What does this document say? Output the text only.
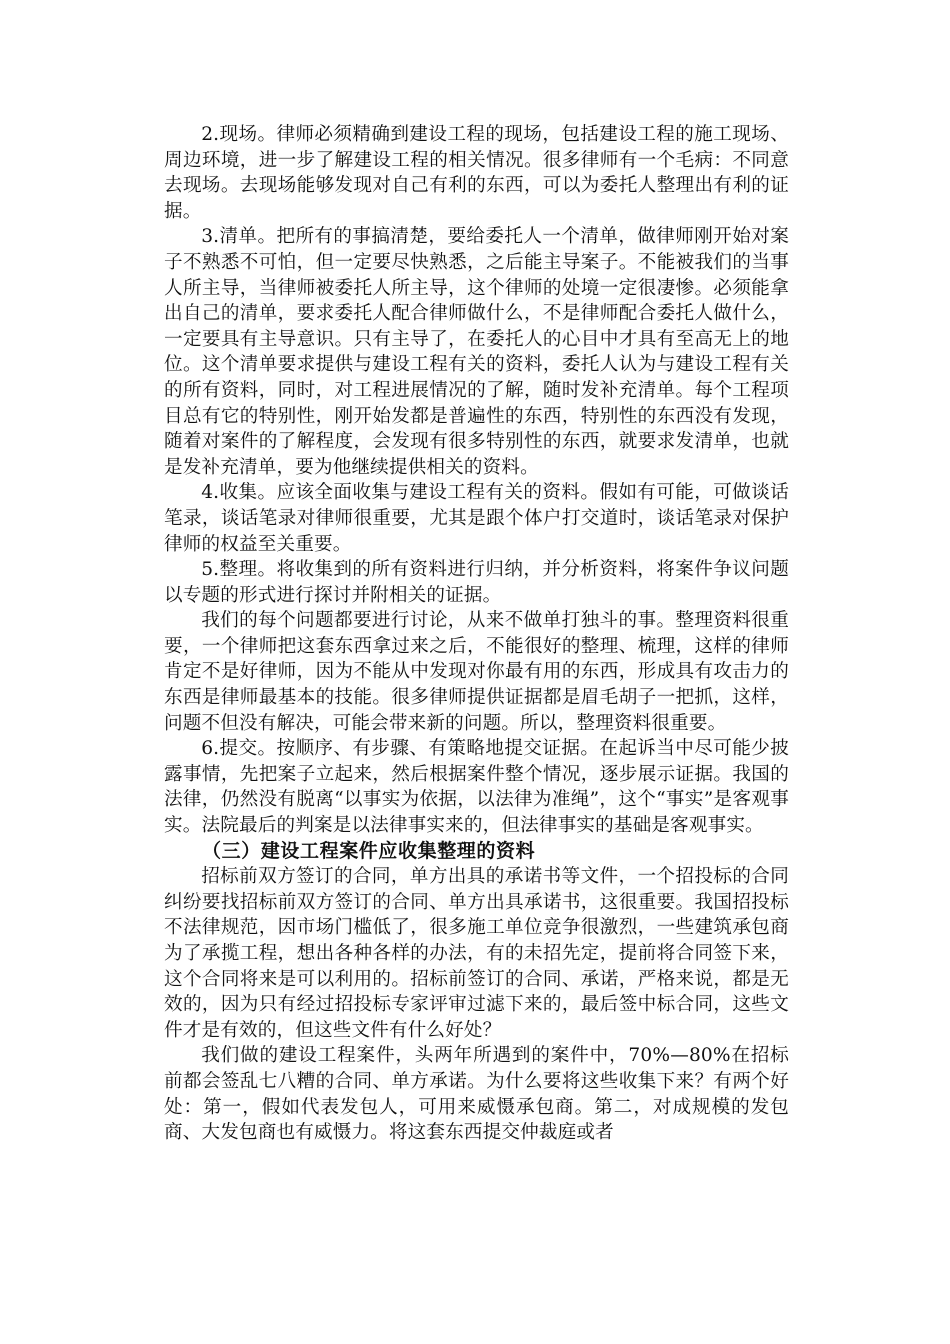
2.现场。律师必须精确到建设工程的现场，包括建设工程的施工现场、周边环境，进一步了解建设工程的相关情况。很多律师有一个毛病：不同意去现场。去现场能够发现对自己有利的东西，可以为委托人整理出有利的证据。

3.清单。把所有的事搞清楚，要给委托人一个清单，做律师刚开始对案子不熟悉不可怕，但一定要尽快熟悉，之后能主导案子。不能被我们的当事人所主导，当律师被委托人所主导，这个律师的处境一定很凄惨。必须能拿出自己的清单，要求委托人配合律师做什么，不是律师配合委托人做什么，一定要具有主导意识。只有主导了，在委托人的心目中才具有至高无上的地位。这个清单要求提供与建设工程有关的资料，委托人认为与建设工程有关的所有资料，同时，对工程进展情况的了解，随时发补充清单。每个工程项目总有它的特别性，刚开始发都是普遍性的东西，特别性的东西没有发现，随着对案件的了解程度，会发现有很多特别性的东西，就要求发清单，也就是发补充清单，要为他继续提供相关的资料。

4.收集。应该全面收集与建设工程有关的资料。假如有可能，可做谈话笔录，谈话笔录对律师很重要，尤其是跟个体户打交道时，谈话笔录对保护律师的权益至关重要。

5.整理。将收集到的所有资料进行归纳，并分析资料，将案件争议问题以专题的形式进行探讨并附相关的证据。

我们的每个问题都要进行讨论，从来不做单打独斗的事。整理资料很重要，一个律师把这套东西拿过来之后，不能很好的整理、梳理，这样的律师肯定不是好律师，因为不能从中发现对你最有用的东西，形成具有攻击力的东西是律师最基本的技能。很多律师提供证据都是眉毛胡子一把抓，这样，问题不但没有解决，可能会带来新的问题。所以，整理资料很重要。

6.提交。按顺序、有步骤、有策略地提交证据。在起诉当中尽可能少披露事情，先把案子立起来，然后根据案件整个情况，逐步展示证据。我国的法律，仍然没有脱离“以事实为依据，以法律为准绳”，这个“事实”是客观事实。法院最后的判案是以法律事实来的，但法律事实的基础是客观事实。

（三）建设工程案件应收集整理的资料

招标前双方签订的合同，单方出具的承诺书等文件，一个招投标的合同纠纷要找招标前双方签订的合同、单方出具承诺书，这很重要。我国招投标不法律规范，因市场门槛低了，很多施工单位竞争很激烈，一些建筑承包商为了承揽工程，想出各种各样的办法，有的未招先定，提前将合同签下来，这个合同将来是可以利用的。招标前签订的合同、承诺，严格来说，都是无效的，因为只有经过招投标专家评审过滤下来的，最后签中标合同，这些文件才是有效的，但这些文件有什么好处？

我们做的建设工程案件，头两年所遇到的案件中，70%—80%在招标前都会签乱七八糟的合同、单方承诺。为什么要将这些收集下来？有两个好处：第一，假如代表发包人，可用来威慑承包商。第二，对成规模的发包商、大发包商也有威慑力。将这套东西提交仲裁庭或者
